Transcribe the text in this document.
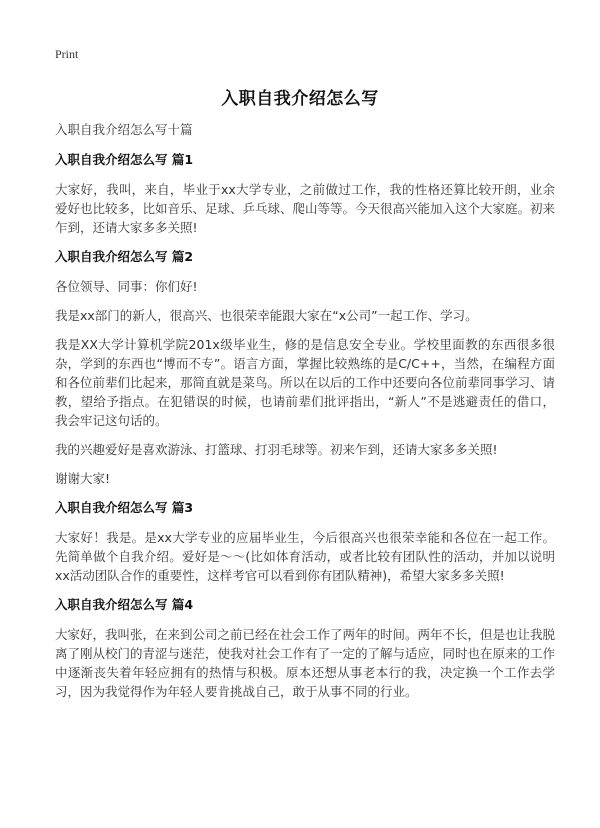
Print
入职自我介绍怎么写
入职自我介绍怎么写十篇
入职自我介绍怎么写 篇1
大家好，我叫，来自，毕业于xx大学专业，之前做过工作，我的性格还算比较开朗，业余爱好也比较多，比如音乐、足球、乒乓球、爬山等等。今天很高兴能加入这个大家庭。初来乍到，还请大家多多关照!
入职自我介绍怎么写 篇2
各位领导、同事：你们好!
我是xx部门的新人，很高兴、也很荣幸能跟大家在“x公司”一起工作、学习。
我是XX大学计算机学院201x级毕业生，修的是信息安全专业。学校里面教的东西很多很杂，学到的东西也“博而不专”。语言方面，掌握比较熟练的是C/C++，当然，在编程方面和各位前辈们比起来，那简直就是菜鸟。所以在以后的工作中还要向各位前辈同事学习、请教，望给予指点。在犯错误的时候，也请前辈们批评指出，“新人”不是逃避责任的借口，我会牢记这句话的。
我的兴趣爱好是喜欢游泳、打篮球、打羽毛球等。初来乍到，还请大家多多关照!
谢谢大家!
入职自我介绍怎么写 篇3
大家好！我是。是xx大学专业的应届毕业生，今后很高兴也很荣幸能和各位在一起工作。先简单做个自我介绍。爱好是～～(比如体育活动，或者比较有团队性的活动，并加以说明xx活动团队合作的重要性，这样考官可以看到你有团队精神)，希望大家多多关照!
入职自我介绍怎么写 篇4
大家好，我叫张，在来到公司之前已经在社会工作了两年的时间。两年不长，但是也让我脱离了刚从校门的青涩与迷茫，使我对社会工作有了一定的了解与适应，同时也在原来的工作中逐渐丧失着年轻应拥有的热情与积极。原本还想从事老本行的我，决定换一个工作去学习，因为我觉得作为年轻人要肯挑战自己，敢于从事不同的行业。
